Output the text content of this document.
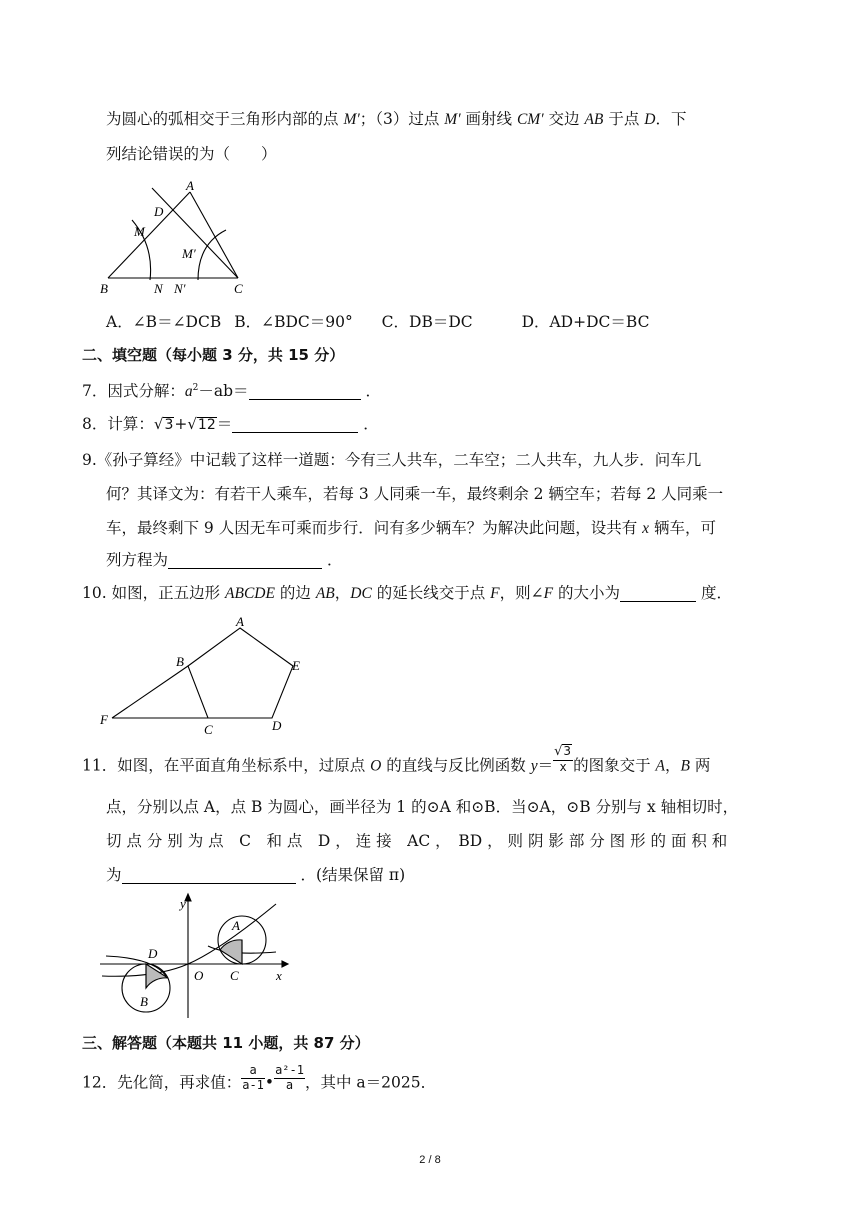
为圆心的弧相交于三角形内部的点 M′；（3）过点 M′ 画射线 CM′ 交边 AB 于点 D．下
列结论错误的为（　　）
A
D
M
M′
B	N N′	C
A．∠B＝∠DCB B．∠BDC＝90° C．DB＝DC	D．AD+DC＝BC
二、填空题（每小题 3 分，共 15 分）
7．因式分解：$a^2-ab=$	．
8．计算：√3+√12＝	．
9.《孙子算经》中记载了这样一道题：今有三人共车，二车空；二人共车，九人步．问车几
何？其译文为：有若干人乘车，若每 3 人同乘一车，最终剩余 2 辆空车；若每 2 人同乘一
车，最终剩下 9 人因无车可乘而步行．问有多少辆车？为解决此问题，设共有 x 辆车，可
列方程为	．
10. 如图，正五边形 ABCDE 的边 AB，DC 的延长线交于点 F，则∠F 的大小为	度．
A
B	E
F
C	D
11．如图，在平面直角坐标系中，过原点 O 的直线与反比例函数 $y= \frac{√3}{x}$ 的图象交于 A，B 两
点，分别以点 A，点 B 为圆心，画半径为 1 的⊙A 和⊙B．当⊙A，⊙B 分别与 x 轴相切时，
切 点 分 别 为 点　C　和 点　D ， 连 接　AC ，　BD ， 则 阴 影 部 分 图 形 的 面 积 和
为	．(结果保留 π)
y
x
A
B
C
D
O
三、解答题（本题共 11 小题，共 87 分）
12．先化简，再求值： $\frac{a}{a-1}$ • $\frac{\text{a²-1}}{a}$ ，其中 a＝2025．
2 / 8
